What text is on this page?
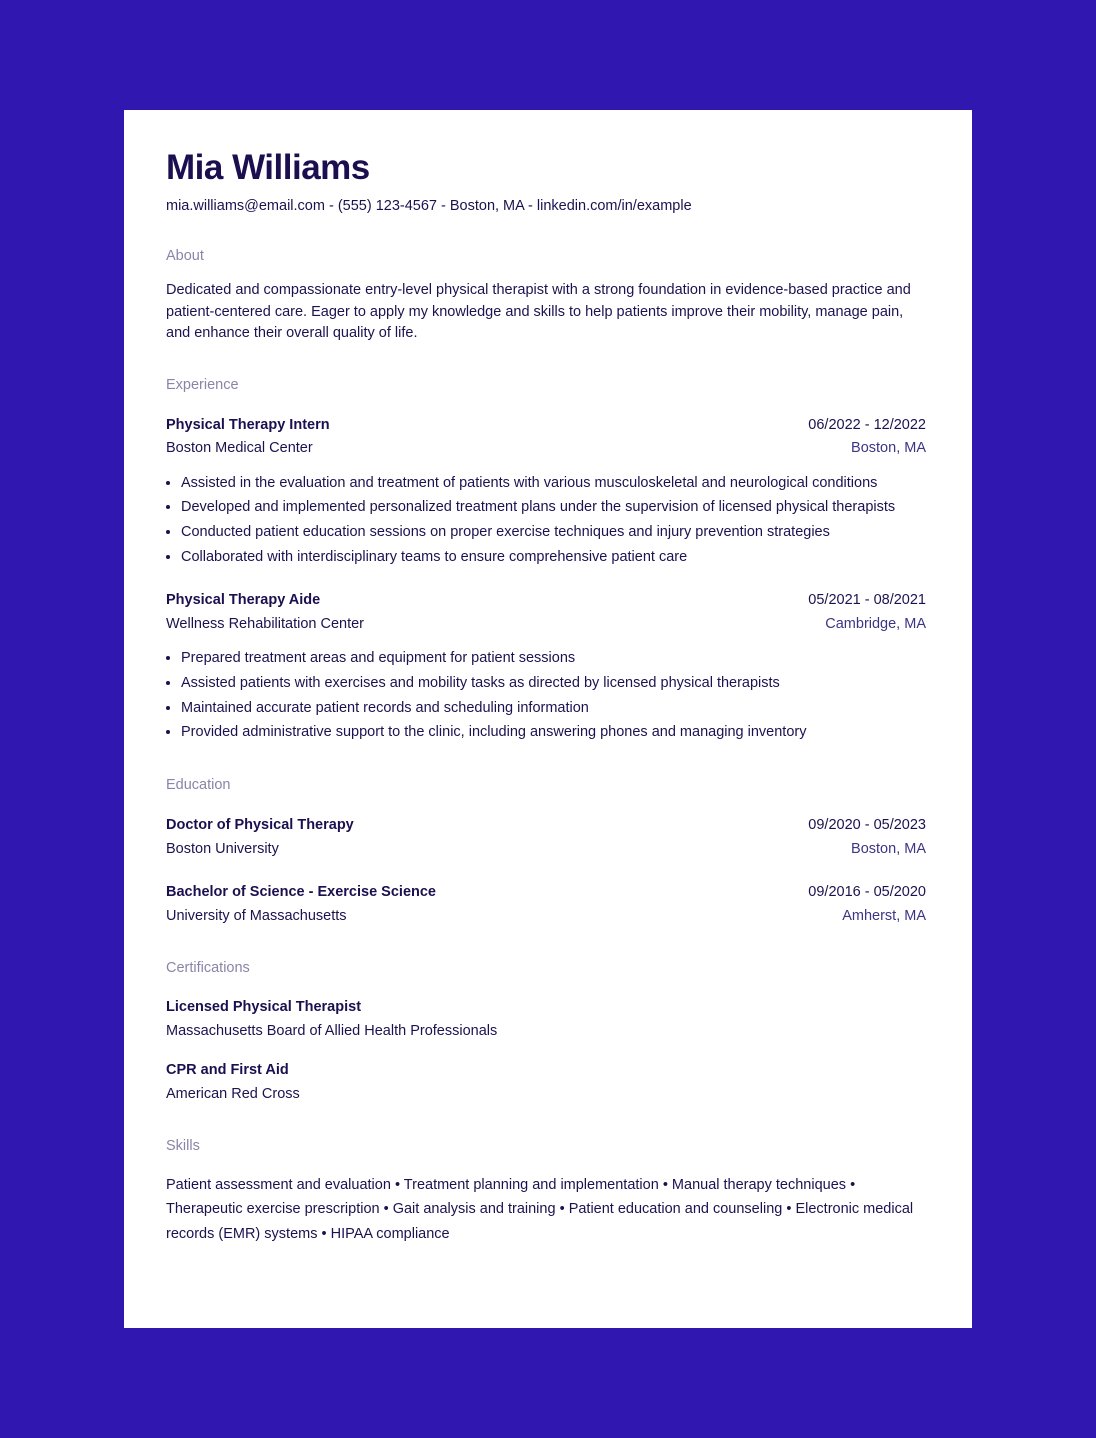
Mia Williams
mia.williams@email.com - (555) 123-4567 - Boston, MA - linkedin.com/in/example
About
Dedicated and compassionate entry-level physical therapist with a strong foundation in evidence-based practice and patient-centered care. Eager to apply my knowledge and skills to help patients improve their mobility, manage pain, and enhance their overall quality of life.
Experience
Physical Therapy Intern	06/2022 - 12/2022
Boston Medical Center	Boston, MA
• Assisted in the evaluation and treatment of patients with various musculoskeletal and neurological conditions
• Developed and implemented personalized treatment plans under the supervision of licensed physical therapists
• Conducted patient education sessions on proper exercise techniques and injury prevention strategies
• Collaborated with interdisciplinary teams to ensure comprehensive patient care
Physical Therapy Aide	05/2021 - 08/2021
Wellness Rehabilitation Center	Cambridge, MA
• Prepared treatment areas and equipment for patient sessions
• Assisted patients with exercises and mobility tasks as directed by licensed physical therapists
• Maintained accurate patient records and scheduling information
• Provided administrative support to the clinic, including answering phones and managing inventory
Education
Doctor of Physical Therapy	09/2020 - 05/2023
Boston University	Boston, MA
Bachelor of Science - Exercise Science	09/2016 - 05/2020
University of Massachusetts	Amherst, MA
Certifications
Licensed Physical Therapist
Massachusetts Board of Allied Health Professionals
CPR and First Aid
American Red Cross
Skills
Patient assessment and evaluation • Treatment planning and implementation • Manual therapy techniques • Therapeutic exercise prescription • Gait analysis and training • Patient education and counseling • Electronic medical records (EMR) systems • HIPAA compliance
